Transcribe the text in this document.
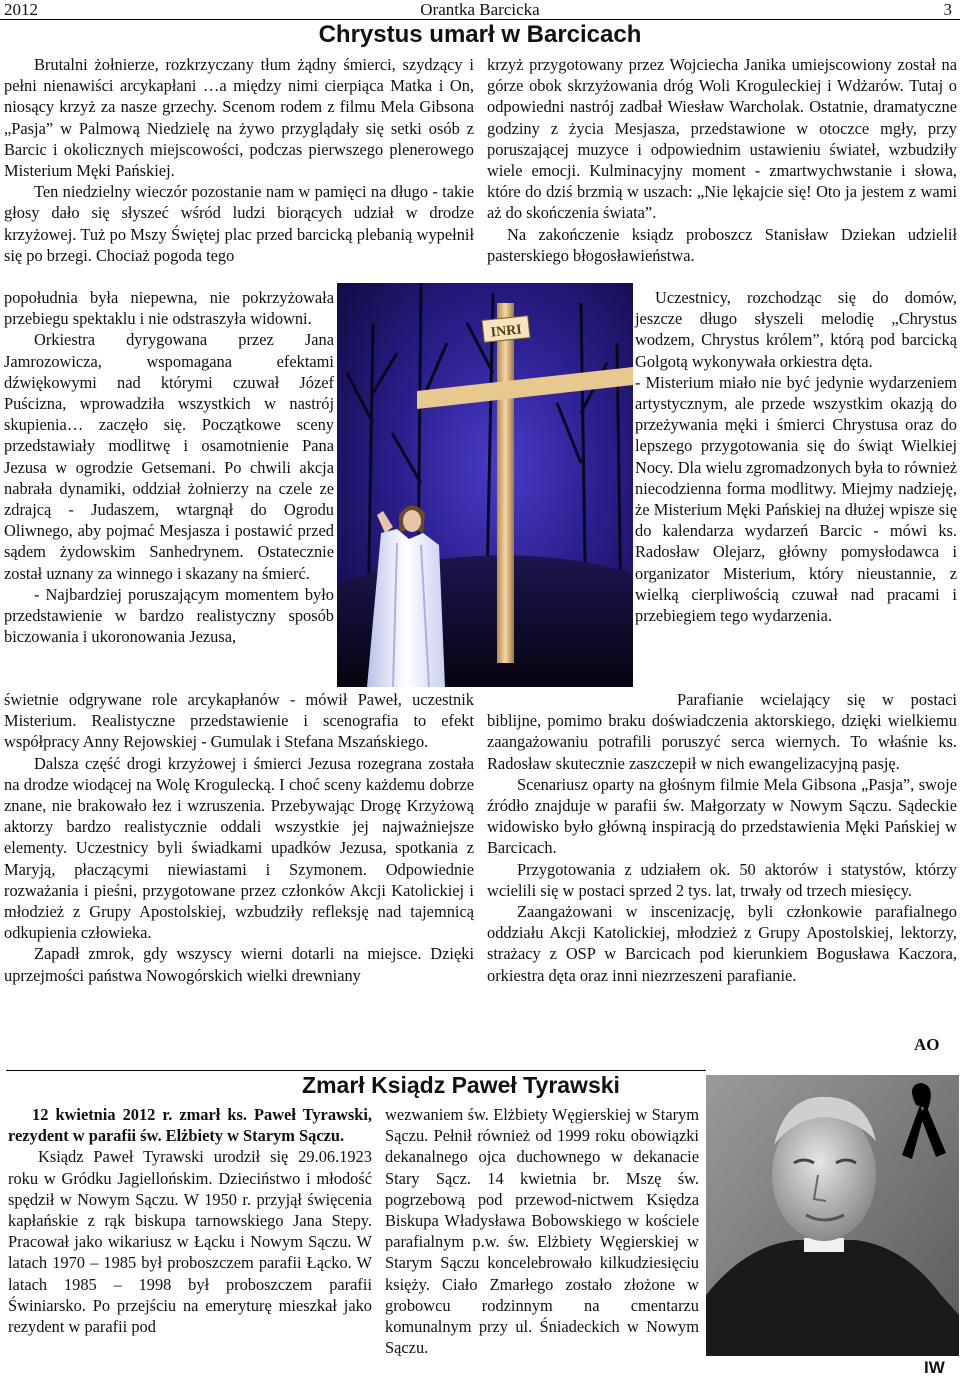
Orantka Barcicka
2012	3
Chrystus umarł w Barcicach

Brutalni żołnierze, rozkrzyczany tłum żądny śmierci, szydzący i pełni nienawiści arcykapłani …a między nimi cierpiąca Matka i On, niosący krzyż za nasze grzechy. Scenom rodem z filmu Mela Gibsona „Pasja” w Palmową Niedzielę na żywo przyglądały się setki osób z Barcic i okolicznych miejscowości, podczas pierwszego plenerowego Misterium Męki Pańskiej.

Ten niedzielny wieczór pozostanie nam w pamięci na długo - takie głosy dało się słyszeć wśród ludzi biorących udział w drodze krzyżowej. Tuż po Mszy Świętej plac przed barcicką plebanią wypełnił się po brzegi. Chociaż pogoda tego

popołudnia była niepewna, nie pokrzyżowała przebiegu spektaklu i nie odstraszyła widowni.

Orkiestra dyrygowana przez Jana Jamrozowicza, wspomagana efektami dźwiękowymi nad którymi czuwał Józef Puścizna, wprowadziła wszystkich w nastrój skupienia… zaczęło się. Początkowe sceny przedstawiały modlitwę i osamotnienie Pana Jezusa w ogrodzie Getsemani. Po chwili akcja nabrała dynamiki, oddział żołnierzy na czele ze zdrajcą - Judaszem, wtargnął do Ogrodu Oliwnego, aby pojmać Mesjasza i postawić przed sądem żydowskim Sanhedrynem. Ostatecznie został uznany za winnego i skazany na śmierć.

- Najbardziej poruszającym momentem było przedstawienie w bardzo realistyczny sposób biczowania i ukoronowania Jezusa,

świetnie odgrywane role arcykapłanów - mówił Paweł, uczestnik Misterium. Realistyczne przedstawienie i scenografia to efekt współpracy Anny Rejowskiej - Gumulak i Stefana Mszańskiego.

Dalsza część drogi krzyżowej i śmierci Jezusa rozegrana została na drodze wiodącej na Wolę Krogulecką. I choć sceny każdemu dobrze znane, nie brakowało łez i wzruszenia. Przebywając Drogę Krzyżową aktorzy bardzo realistycznie oddali wszystkie jej najważniejsze elementy. Uczestnicy byli świadkami upadków Jezusa, spotkania z Maryją, płaczącymi niewiastami i Szymonem. Odpowiednie rozważania i pieśni, przygotowane przez członków Akcji Katolickiej i młodzież z Grupy Apostolskiej, wzbudziły refleksję nad tajemnicą odkupienia człowieka.

Zapadł zmrok, gdy wszyscy wierni dotarli na miejsce. Dzięki uprzejmości państwa Nowogórskich wielki drewniany

INRI

krzyż przygotowany przez Wojciecha Janika umiejscowiony został na górze obok skrzyżowania dróg Woli Kroguleckiej i Wdżarów. Tutaj o odpowiedni nastrój zadbał Wiesław Warcholak. Ostatnie, dramatyczne godziny z życia Mesjasza, przedstawione w otoczce mgły, przy poruszającej muzyce i odpowiednim ustawieniu świateł, wzbudziły wiele emocji. Kulminacyjny moment - zmartwychwstanie i słowa, które do dziś brzmią w uszach: „Nie lękajcie się! Oto ja jestem z wami aż do skończenia świata”.

Na zakończenie ksiądz proboszcz Stanisław Dziekan udzielił pasterskiego błogosławieństwa.

Uczestnicy, rozchodząc się do domów, jeszcze długo słyszeli melodię „Chrystus wodzem, Chrystus królem”, którą pod barcicką Golgotą wykonywała orkiestra dęta.

- Misterium miało nie być jedynie wydarzeniem artystycznym, ale przede wszystkim okazją do przeżywania męki i śmierci Chrystusa oraz do lepszego przygotowania się do świąt Wielkiej Nocy. Dla wielu zgromadzonych była to również niecodzienna forma modlitwy. Miejmy nadzieję, że Misterium Męki Pańskiej na dłużej wpisze się do kalendarza wydarzeń Barcic - mówi ks. Radosław Olejarz, główny pomysłodawca i organizator Misterium, który nieustannie, z wielką cierpliwością czuwał nad pracami i przebiegiem tego wydarzenia.

Parafianie wcielający się w postaci biblijne, pomimo braku doświadczenia aktorskiego, dzięki wielkiemu zaangażowaniu potrafili poruszyć serca wiernych. To właśnie ks. Radosław skutecznie zaszczepił w nich ewangelizacyjną pasję.

Scenariusz oparty na głośnym filmie Mela Gibsona „Pasja”, swoje źródło znajduje w parafii św. Małgorzaty w Nowym Sączu. Sądeckie widowisko było główną inspiracją do przedstawienia Męki Pańskiej w Barcicach.

Przygotowania z udziałem ok. 50 aktorów i statystów, którzy wcielili się w postaci sprzed 2 tys. lat, trwały od trzech miesięcy.

Zaangażowani w inscenizację, byli członkowie parafialnego oddziału Akcji Katolickiej, młodzież z Grupy Apostolskiej, lektorzy, strażacy z OSP w Barcicach pod kierunkiem Bogusława Kaczora, orkiestra dęta oraz inni niezrzeszeni parafianie.

AO
Zmarł Ksiądz Paweł Tyrawski

12 kwietnia 2012 r. zmarł ks. Paweł Tyrawski, rezydent w parafii św. Elżbiety w Starym Sączu.

Ksiądz Paweł Tyrawski urodził się 29.06.1923 roku w Gródku Jagiellońskim. Dzieciństwo i młodość spędził w Nowym Sączu. W 1950 r. przyjął święcenia kapłańskie z rąk biskupa tarnowskiego Jana Stepy. Pracował jako wikariusz w Łącku i Nowym Sączu. W latach 1970 – 1985 był proboszczem parafii Łącko. W latach 1985 – 1998 był proboszczem parafii Świniarsko. Po przejściu na emeryturę mieszkał jako rezydent w parafii pod

wezwaniem św. Elżbiety Węgierskiej w Starym Sączu. Pełnił również od 1999 roku obowiązki dekanalnego ojca duchownego w dekanacie Stary Sącz. 14 kwietnia br. Mszę św. pogrzebową pod przewod-nictwem Księdza Biskupa Władysława Bobowskiego w kościele parafialnym p.w. św. Elżbiety Węgierskiej w Starym Sączu koncelebrowało kilkudziesięciu księży. Ciało Zmarłego zostało złożone w grobowcu rodzinnym na cmentarzu komunalnym przy ul. Śniadeckich w Nowym Sączu.

IW
